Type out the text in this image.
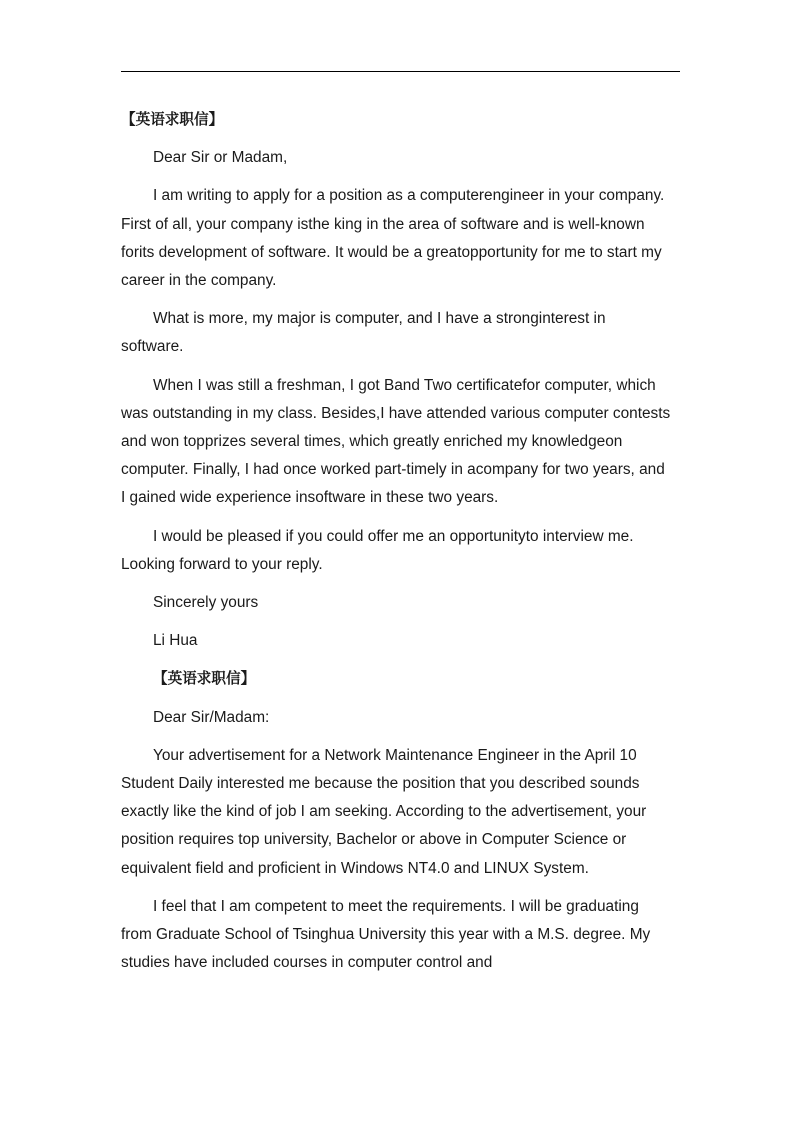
【英语求职信】

Dear Sir or Madam,

I am writing to apply for a position as a computerengineer in your company. First of all, your company isthe king in the area of software and is well-known forits development of software. It would be a greatopportunity for me to start my career in the company.

What is more, my major is computer, and I have a stronginterest in software.

When I was still a freshman, I got Band Two certificatefor computer, which was outstanding in my class. Besides,I have attended various computer contests and won topprizes several times, which greatly enriched my knowledgeon computer. Finally, I had once worked part-timely in acompany for two years, and I gained wide experience insoftware in these two years.

I would be pleased if you could offer me an opportunityto interview me. Looking forward to your reply.

Sincerely yours

Li Hua

【英语求职信】

Dear Sir/Madam:

Your advertisement for a Network Maintenance Engineer in the April 10 Student Daily interested me because the position that you described sounds exactly like the kind of job I am seeking. According to the advertisement, your position requires top university, Bachelor or above in Computer Science or equivalent field and proficient in Windows NT4.0 and LINUX System.

I feel that I am competent to meet the requirements. I will be graduating from Graduate School of Tsinghua University this year with a M.S. degree. My studies have included courses in computer control and
